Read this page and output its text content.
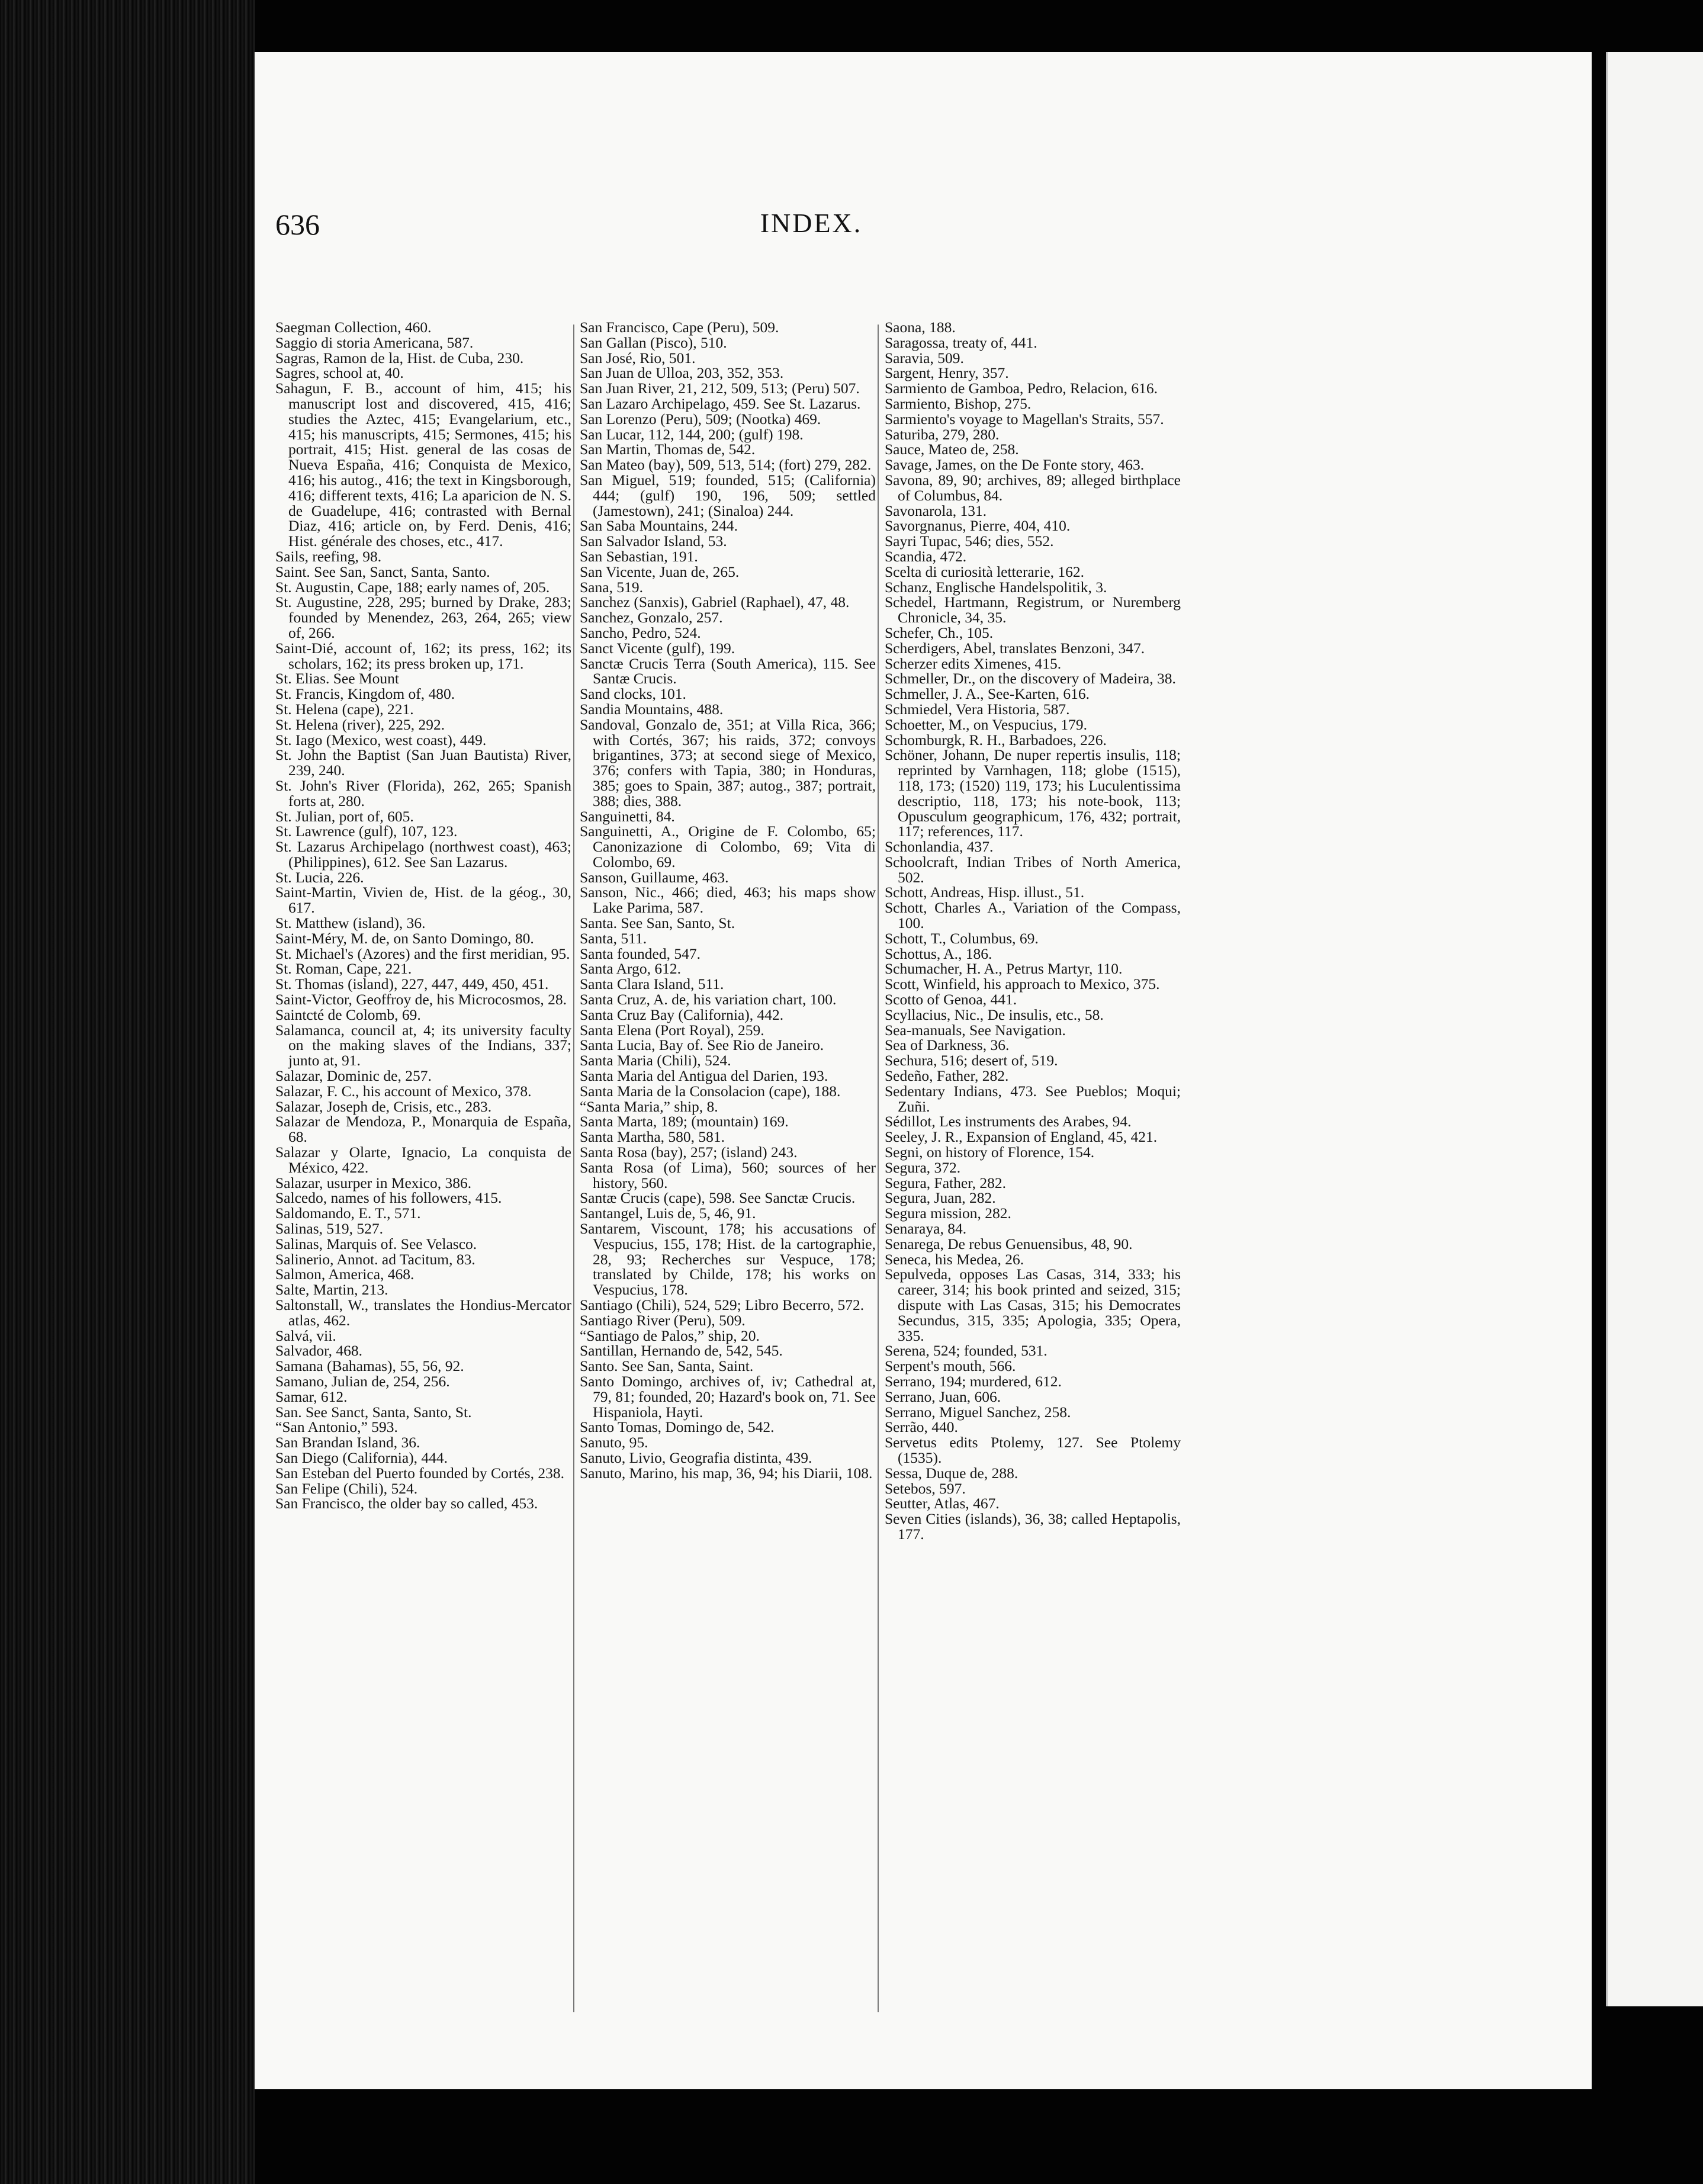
636	INDEX.

Saegman Collection, 460.

Saggio di storia Americana, 587.

Sagras, Ramon de la, Hist. de Cuba, 230.

Sagres, school at, 40.

Sahagun, F. B., account of him, 415; his manuscript lost and discovered, 415, 416; studies the Aztec, 415; Evangelarium, etc., 415; his manuscripts, 415; Sermones, 415; his portrait, 415; Hist. general de las cosas de Nueva España, 416; Conquista de Mexico, 416; his autog., 416; the text in Kingsborough, 416; different texts, 416; La aparicion de N. S. de Guadelupe, 416; contrasted with Bernal Diaz, 416; article on, by Ferd. Denis, 416; Hist. générale des choses, etc., 417.

Sails, reefing, 98.

Saint. See San, Sanct, Santa, Santo.

St. Augustin, Cape, 188; early names of, 205.

St. Augustine, 228, 295; burned by Drake, 283; founded by Menendez, 263, 264, 265; view of, 266.

Saint-Dié, account of, 162; its press, 162; its scholars, 162; its press broken up, 171.

St. Elias. See Mount

St. Francis, Kingdom of, 480.

St. Helena (cape), 221.

St. Helena (river), 225, 292.

St. Iago (Mexico, west coast), 449.

St. John the Baptist (San Juan Bautista) River, 239, 240.

St. John's River (Florida), 262, 265; Spanish forts at, 280.

St. Julian, port of, 605.

St. Lawrence (gulf), 107, 123.

St. Lazarus Archipelago (northwest coast), 463; (Philippines), 612. See San Lazarus.

St. Lucia, 226.

Saint-Martin, Vivien de, Hist. de la géog., 30, 617.

St. Matthew (island), 36.

Saint-Méry, M. de, on Santo Domingo, 80.

St. Michael's (Azores) and the first meridian, 95.

St. Roman, Cape, 221.

St. Thomas (island), 227, 447, 449, 450, 451.

Saint-Victor, Geoffroy de, his Microcosmos, 28.

Saintcté de Colomb, 69.

Salamanca, council at, 4; its university faculty on the making slaves of the Indians, 337; junto at, 91.

Salazar, Dominic de, 257.

Salazar, F. C., his account of Mexico, 378.

Salazar, Joseph de, Crisis, etc., 283.

Salazar de Mendoza, P., Monarquia de España, 68.

Salazar y Olarte, Ignacio, La conquista de México, 422.

Salazar, usurper in Mexico, 386.

Salcedo, names of his followers, 415.

Saldomando, E. T., 571.

Salinas, 519, 527.

Salinas, Marquis of. See Velasco.

Salinerio, Annot. ad Tacitum, 83.

Salmon, America, 468.

Salte, Martin, 213.

Saltonstall, W., translates the Hondius-Mercator atlas, 462.

Salvá, vii.

Salvador, 468.

Samana (Bahamas), 55, 56, 92.

Samano, Julian de, 254, 256.

Samar, 612.

San. See Sanct, Santa, Santo, St.

“San Antonio,” 593.

San Brandan Island, 36.

San Diego (California), 444.

San Esteban del Puerto founded by Cortés, 238.

San Felipe (Chili), 524.

San Francisco, the older bay so called, 453.

San Francisco, Cape (Peru), 509.

San Gallan (Pisco), 510.

San José, Rio, 501.

San Juan de Ulloa, 203, 352, 353.

San Juan River, 21, 212, 509, 513; (Peru) 507.

San Lazaro Archipelago, 459. See St. Lazarus.

San Lorenzo (Peru), 509; (Nootka) 469.

San Lucar, 112, 144, 200; (gulf) 198.

San Martin, Thomas de, 542.

San Mateo (bay), 509, 513, 514; (fort) 279, 282.

San Miguel, 519; founded, 515; (California) 444; (gulf) 190, 196, 509; settled (Jamestown), 241; (Sinaloa) 244.

San Saba Mountains, 244.

San Salvador Island, 53.

San Sebastian, 191.

San Vicente, Juan de, 265.

Sana, 519.

Sanchez (Sanxis), Gabriel (Raphael), 47, 48.

Sanchez, Gonzalo, 257.

Sancho, Pedro, 524.

Sanct Vicente (gulf), 199.

Sanctæ Crucis Terra (South America), 115. See Santæ Crucis.

Sand clocks, 101.

Sandia Mountains, 488.

Sandoval, Gonzalo de, 351; at Villa Rica, 366; with Cortés, 367; his raids, 372; convoys brigantines, 373; at second siege of Mexico, 376; confers with Tapia, 380; in Honduras, 385; goes to Spain, 387; autog., 387; portrait, 388; dies, 388.

Sanguinetti, 84.

Sanguinetti, A., Origine de F. Colombo, 65; Canonizazione di Colombo, 69; Vita di Colombo, 69.

Sanson, Guillaume, 463.

Sanson, Nic., 466; died, 463; his maps show Lake Parima, 587.

Santa. See San, Santo, St.

Santa, 511.

Santa founded, 547.

Santa Argo, 612.

Santa Clara Island, 511.

Santa Cruz, A. de, his variation chart, 100.

Santa Cruz Bay (California), 442.

Santa Elena (Port Royal), 259.

Santa Lucia, Bay of. See Rio de Janeiro.

Santa Maria (Chili), 524.

Santa Maria del Antigua del Darien, 193.

Santa Maria de la Consolacion (cape), 188.

“Santa Maria,” ship, 8.

Santa Marta, 189; (mountain) 169.

Santa Martha, 580, 581.

Santa Rosa (bay), 257; (island) 243.

Santa Rosa (of Lima), 560; sources of her history, 560.

Santæ Crucis (cape), 598. See Sanctæ Crucis.

Santangel, Luis de, 5, 46, 91.

Santarem, Viscount, 178; his accusations of Vespucius, 155, 178; Hist. de la cartographie, 28, 93; Recherches sur Vespuce, 178; translated by Childe, 178; his works on Vespucius, 178.

Santiago (Chili), 524, 529; Libro Becerro, 572.

Santiago River (Peru), 509.

“Santiago de Palos,” ship, 20.

Santillan, Hernando de, 542, 545.

Santo. See San, Santa, Saint.

Santo Domingo, archives of, iv; Cathedral at, 79, 81; founded, 20; Hazard's book on, 71. See Hispaniola, Hayti.

Santo Tomas, Domingo de, 542.

Sanuto, 95.

Sanuto, Livio, Geografia distinta, 439.

Sanuto, Marino, his map, 36, 94; his Diarii, 108.

Saona, 188.

Saragossa, treaty of, 441.

Saravia, 509.

Sargent, Henry, 357.

Sarmiento de Gamboa, Pedro, Relacion, 616.

Sarmiento, Bishop, 275.

Sarmiento's voyage to Magellan's Straits, 557.

Saturiba, 279, 280.

Sauce, Mateo de, 258.

Savage, James, on the De Fonte story, 463.

Savona, 89, 90; archives, 89; alleged birthplace of Columbus, 84.

Savonarola, 131.

Savorgnanus, Pierre, 404, 410.

Sayri Tupac, 546; dies, 552.

Scandia, 472.

Scelta di curiosità letterarie, 162.

Schanz, Englische Handelspolitik, 3.

Schedel, Hartmann, Registrum, or Nuremberg Chronicle, 34, 35.

Schefer, Ch., 105.

Scherdigers, Abel, translates Benzoni, 347.

Scherzer edits Ximenes, 415.

Schmeller, Dr., on the discovery of Madeira, 38.

Schmeller, J. A., See-Karten, 616.

Schmiedel, Vera Historia, 587.

Schoetter, M., on Vespucius, 179.

Schomburgk, R. H., Barbadoes, 226.

Schöner, Johann, De nuper repertis insulis, 118; reprinted by Varnhagen, 118; globe (1515), 118, 173; (1520) 119, 173; his Luculentissima descriptio, 118, 173; his note-book, 113; Opusculum geographicum, 176, 432; portrait, 117; references, 117.

Schonlandia, 437.

Schoolcraft, Indian Tribes of North America, 502.

Schott, Andreas, Hisp. illust., 51.

Schott, Charles A., Variation of the Compass, 100.

Schott, T., Columbus, 69.

Schottus, A., 186.

Schumacher, H. A., Petrus Martyr, 110.

Scott, Winfield, his approach to Mexico, 375.

Scotto of Genoa, 441.

Scyllacius, Nic., De insulis, etc., 58.

Sea-manuals, See Navigation.

Sea of Darkness, 36.

Sechura, 516; desert of, 519.

Sedeño, Father, 282.

Sedentary Indians, 473. See Pueblos; Moqui; Zuñi.

Sédillot, Les instruments des Arabes, 94.

Seeley, J. R., Expansion of England, 45, 421.

Segni, on history of Florence, 154.

Segura, 372.

Segura, Father, 282.

Segura, Juan, 282.

Segura mission, 282.

Senaraya, 84.

Senarega, De rebus Genuensibus, 48, 90.

Seneca, his Medea, 26.

Sepulveda, opposes Las Casas, 314, 333; his career, 314; his book printed and seized, 315; dispute with Las Casas, 315; his Democrates Secundus, 315, 335; Apologia, 335; Opera, 335.

Serena, 524; founded, 531.

Serpent's mouth, 566.

Serrano, 194; murdered, 612.

Serrano, Juan, 606.

Serrano, Miguel Sanchez, 258.

Serrão, 440.

Servetus edits Ptolemy, 127. See Ptolemy (1535).

Sessa, Duque de, 288.

Setebos, 597.

Seutter, Atlas, 467.

Seven Cities (islands), 36, 38; called Heptapolis, 177.
